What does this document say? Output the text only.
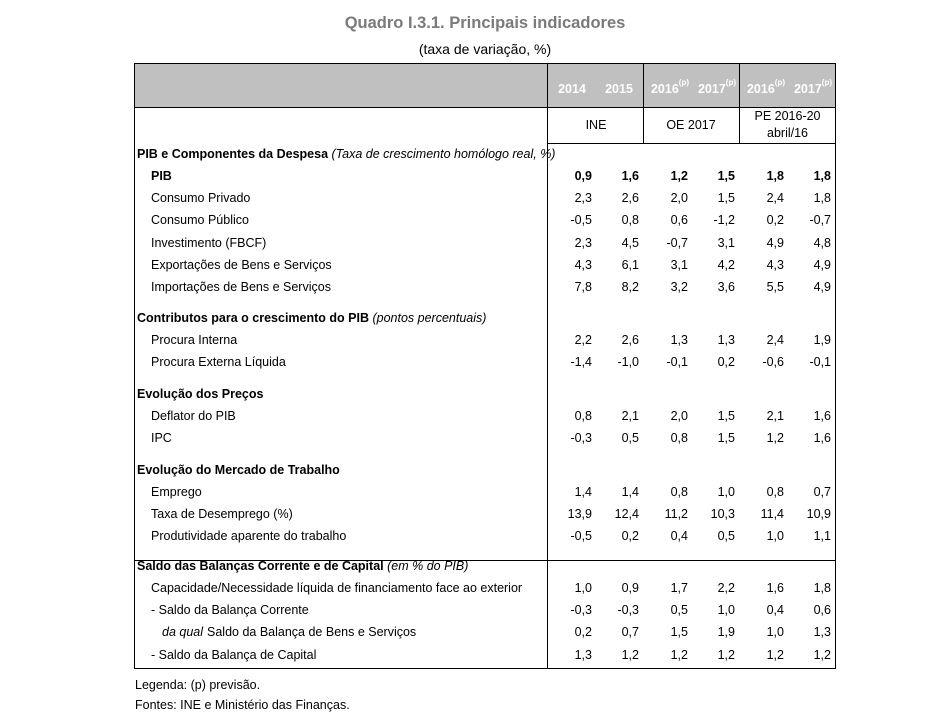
Quadro I.3.1. Principais indicadores
(taxa de variação, %)
2014	2015	2016$^{(p)}$ 2017$^{(p)}$ 2016$^{(p)}$ 2017$^{(p)}$
INE	OE 2017
PE 2016-20
abril/16
PIB e Componentes da Despesa (Taxa de crescimento homólogo real, %)
PIB	0,9	1,6	1,2	1,5	1,8	1,8
Consumo Privado	2,3	2,6	2,0	1,5	2,4	1,8
Consumo Público	-0,5	0,8	0,6	-1,2	0,2	-0,7
Investimento (FBCF)	2,3	4,5	-0,7	3,1	4,9	4,8
Exportações de Bens e Serviços	4,3	6,1	3,1	4,2	4,3	4,9
Importações de Bens e Serviços	7,8	8,2	3,2	3,6	5,5	4,9
Contributos para o crescimento do PIB (pontos percentuais)
Procura Interna	2,2	2,6	1,3	1,3	2,4	1,9
Procura Externa Líquida	-1,4	-1,0	-0,1	0,2	-0,6	-0,1
Evolução dos Preços
Deflator do PIB	0,8	2,1	2,0	1,5	2,1	1,6
IPC	-0,3	0,5	0,8	1,5	1,2	1,6
Evolução do Mercado de Trabalho
Emprego	1,4	1,4	0,8	1,0	0,8	0,7
Taxa de Desemprego (%)	13,9	12,4	11,2	10,3	11,4	10,9
Produtividade aparente do trabalho	-0,5	0,2	0,4	0,5	1,0	1,1
Saldo das Balanças Corrente e de Capital (em % do PIB)
Capacidade/Necessidade líquida de financiamento face ao exterior	1,0	0,9	1,7	2,2	1,6	1,8
- Saldo da Balança Corrente	-0,3	-0,3	0,5	1,0	0,4	0,6
da qual Saldo da Balança de Bens e Serviços	0,2	0,7	1,5	1,9	1,0	1,3
- Saldo da Balança de Capital	1,3	1,2	1,2	1,2	1,2	1,2
Legenda: (p) previsão.
Fontes: INE e Ministério das Finanças.
